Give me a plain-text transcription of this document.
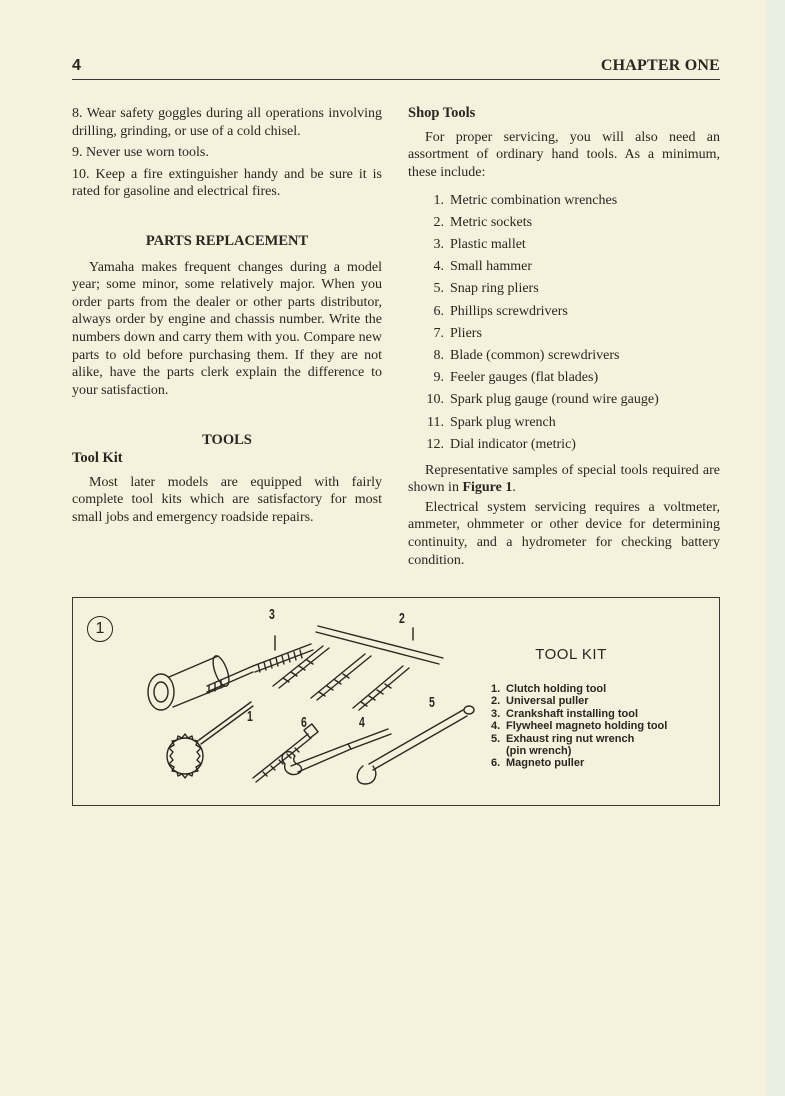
4	CHAPTER ONE

8. Wear safety goggles during all operations involving drilling, grinding, or use of a cold chisel.

9. Never use worn tools.

10. Keep a fire extinguisher handy and be sure it is rated for gasoline and electrical fires.

PARTS REPLACEMENT

Yamaha makes frequent changes during a model year; some minor, some relatively major. When you order parts from the dealer or other parts distributor, always order by engine and chassis number. Write the numbers down and carry them with you. Compare new parts to old before purchasing them. If they are not alike, have the parts clerk explain the difference to your satisfaction.

TOOLS
Tool Kit

Most later models are equipped with fairly complete tool kits which are satisfactory for most small jobs and emergency roadside repairs.

Shop Tools

For proper servicing, you will also need an assortment of ordinary hand tools. As a minimum, these include:

1. Metric combination wrenches
2. Metric sockets
3. Plastic mallet
4. Small hammer
5. Snap ring pliers
6. Phillips screwdrivers
7. Pliers
8. Blade (common) screwdrivers
9. Feeler gauges (flat blades)
10. Spark plug gauge (round wire gauge)
11. Spark plug wrench
12. Dial indicator (metric)

Representative samples of special tools required are shown in Figure 1.

Electrical system servicing requires a voltmeter, ammeter, ohmmeter or other device for determining continuity, and a hydrometer for checking battery condition.

1
3	2
5
1	6	4
TOOL KIT
1. Clutch holding tool
2. Universal puller
3. Crankshaft installing tool
4. Flywheel magneto holding tool
5. Exhaust ring nut wrench
(pin wrench)
6. Magneto puller
